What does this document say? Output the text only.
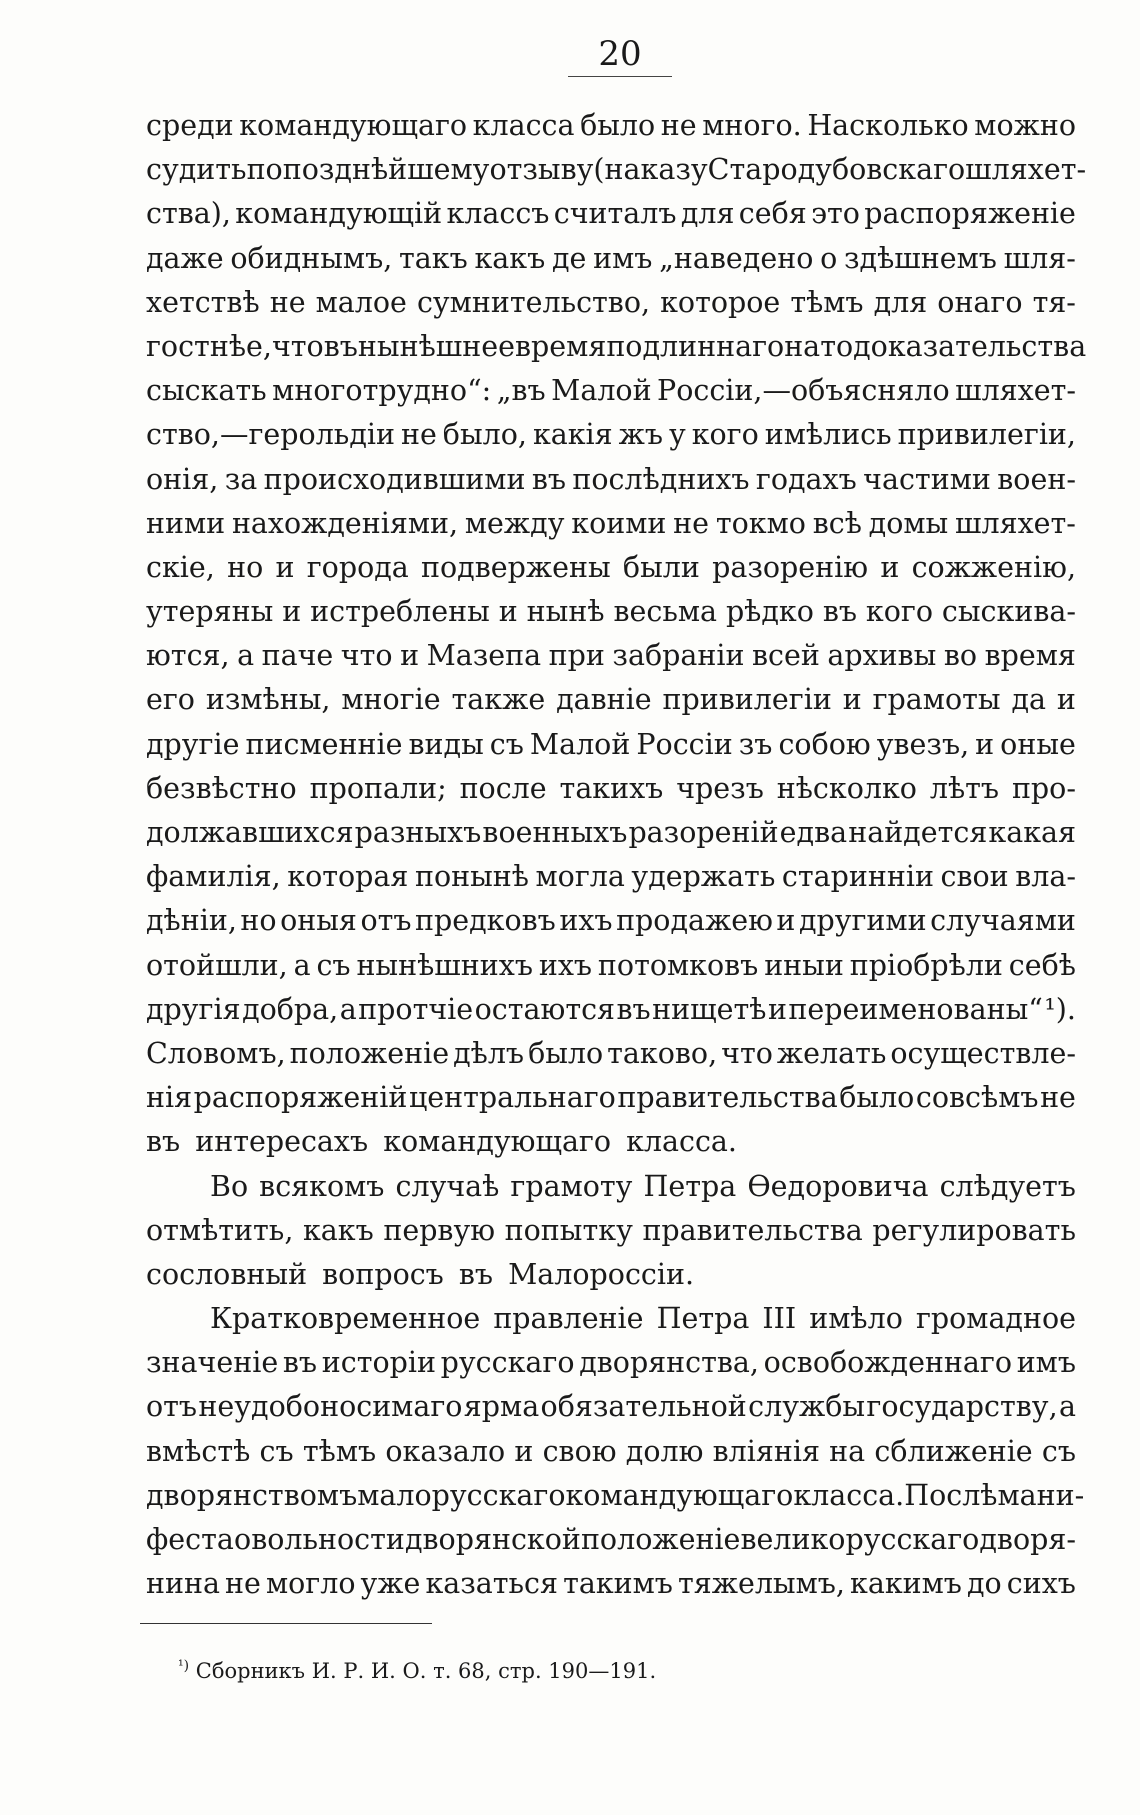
20
среди командующаго класса было не много. Насколько можно
судить по позднѣйшему отзыву (наказу Стародубовскаго шляхет-
ства), командующій классъ считалъ для себя это распоряженіе
даже обиднымъ, такъ какъ де имъ „наведено о здѣшнемъ шля-
хетствѣ не малое сумнительство, которое тѣмъ для онаго тя-
гостнѣе, что въ нынѣшнее время подлиннаго на то доказательства
сыскать многотрудно“: „въ Малой Россіи,—объясняло шляхет-
ство,—герольдіи не было, какія жъ у кого имѣлись привилегіи,
онія, за происходившими въ послѣднихъ годахъ частими воен-
ними нахожденіями, между коими не токмо всѣ домы шляхет-
скіе, но и города подвержены были разоренію и сожженію,
утеряны и истреблены и нынѣ весьма рѣдко въ кого сыскива-
ются, а паче что и Мазепа при забраніи всей архивы во время
его измѣны, многіе также давніе привилегіи и грамоты да и
другіе писменніе виды съ Малой Россіи зъ собою увезъ, и оные
безвѣстно пропали; после такихъ чрезъ нѣсколко лѣтъ про-
должавшихся разныхъ военныхъ разореній едва найдется какая
фамилія, которая понынѣ могла удержать старинніи свои вла-
дѣніи, но оныя отъ предковъ ихъ продажею и другими случаями
отойшли, а съ нынѣшнихъ ихъ потомковъ иныи пріобрѣли себѣ
другія добра, а протчіе остаются въ нищетѣ и переименованы“ ¹).
Словомъ, положеніе дѣлъ было таково, что желать осуществле-
нія распоряженій центральнаго правительства было совсѣмъ не
въ интересахъ командующаго класса.
Во всякомъ случаѣ грамоту Петра Ѳедоровича слѣдуетъ
отмѣтить, какъ первую попытку правительства регулировать
сословный вопросъ въ Малороссіи.
Кратковременное правленіе Петра III имѣло громадное
значеніе въ исторіи русскаго дворянства, освобожденнаго имъ
отъ неудобоносимаго ярма обязательной службы государству, а
вмѣстѣ съ тѣмъ оказало и свою долю вліянія на сближеніе съ
дворянствомъ малорусскаго командующаго класса. Послѣ мани-
феста о вольности дворянской положеніе великорусскаго дворя-
нина не могло уже казаться такимъ тяжелымъ, какимъ до сихъ
$^{^1)}$ Сборникъ И. Р. И. О. т. 68, стр. 190—191.
